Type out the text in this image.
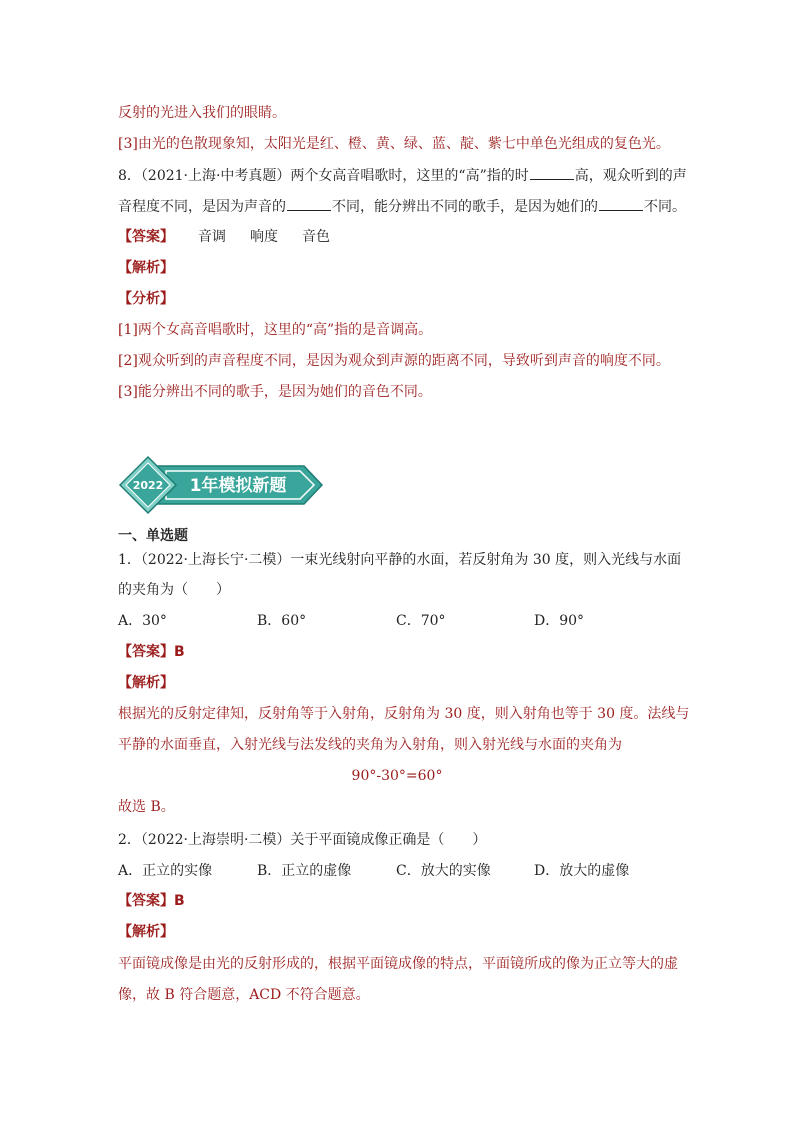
反射的光进入我们的眼睛。
[3]由光的色散现象知，太阳光是红、橙、黄、绿、蓝、靛、紫七中单色光组成的复色光。
8．（2021·上海·中考真题）两个女高音唱歌时，这里的“高”指的时	高，观众听到的声
音程度不同，是因为声音的	不同，能分辨出不同的歌手，是因为她们的	不同。
【答案】 音调 响度 音色
【解析】
【分析】
[1]两个女高音唱歌时，这里的“高”指的是音调高。
[2]观众听到的声音程度不同，是因为观众到声源的距离不同，导致听到声音的响度不同。
[3]能分辨出不同的歌手，是因为她们的音色不同。
2022 1年模拟新题
一、单选题
1．（2022·上海长宁·二模）一束光线射向平静的水面，若反射角为 30 度，则入光线与水面
的夹角为（　　）
A．30°	B．60°	C．70°	D．90°
【答案】B
【解析】
根据光的反射定律知，反射角等于入射角，反射角为 30 度，则入射角也等于 30 度。法线与
平静的水面垂直，入射光线与法发线的夹角为入射角，则入射光线与水面的夹角为
90°-30°=60°
故选 B。
2．（2022·上海崇明·二模）关于平面镜成像正确是（　　）
A．正立的实像	B．正立的虚像	C．放大的实像	D．放大的虚像
【答案】B
【解析】
平面镜成像是由光的反射形成的，根据平面镜成像的特点，平面镜所成的像为正立等大的虚
像，故 B 符合题意，ACD 不符合题意。
